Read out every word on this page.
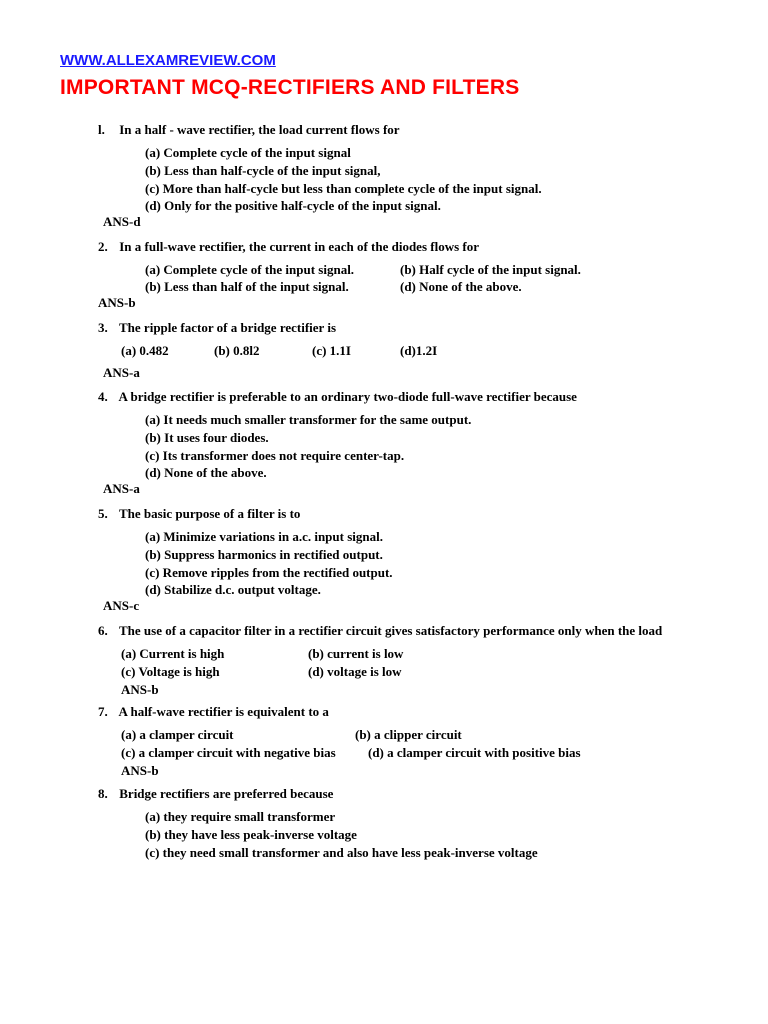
WWW.ALLEXAMREVIEW.COM
IMPORTANT MCQ-RECTIFIERS AND FILTERS
l. In a half - wave rectifier, the load current flows for
(a) Complete cycle of the input signal
(b) Less than half-cycle of the input signal,
(c) More than half-cycle but less than complete cycle of the input signal.
(d) Only for the positive half-cycle of the input signal.
ANS-d
2. In a full-wave rectifier, the current in each of the diodes flows for
(a) Complete cycle of the input signal.	(b) Half cycle of the input signal.
(b) Less than half of the input signal.	(d) None of the above.
ANS-b
3. The ripple factor of a bridge rectifier is
(a) 0.482	(b) 0.8l2	(c) 1.1I	(d)1.2I
ANS-a
4. A bridge rectifier is preferable to an ordinary two-diode full-wave rectifier because
(a) It needs much smaller transformer for the same output.
(b) It uses four diodes.
(c) Its transformer does not require center-tap.
(d) None of the above.
ANS-a
5. The basic purpose of a filter is to
(a) Minimize variations in a.c. input signal.
(b) Suppress harmonics in rectified output.
(c) Remove ripples from the rectified output.
(d) Stabilize d.c. output voltage.
ANS-c
6. The use of a capacitor filter in a rectifier circuit gives satisfactory performance only when the load
(a) Current is high	(b) current is low
(c) Voltage is high	(d) voltage is low
ANS-b
7. A half-wave rectifier is equivalent to a
(a) a clamper circuit	(b) a clipper circuit
(c) a clamper circuit with negative bias (d) a clamper circuit with positive bias
ANS-b
8. Bridge rectifiers are preferred because
(a) they require small transformer
(b) they have less peak-inverse voltage
(c) they need small transformer and also have less peak-inverse voltage
